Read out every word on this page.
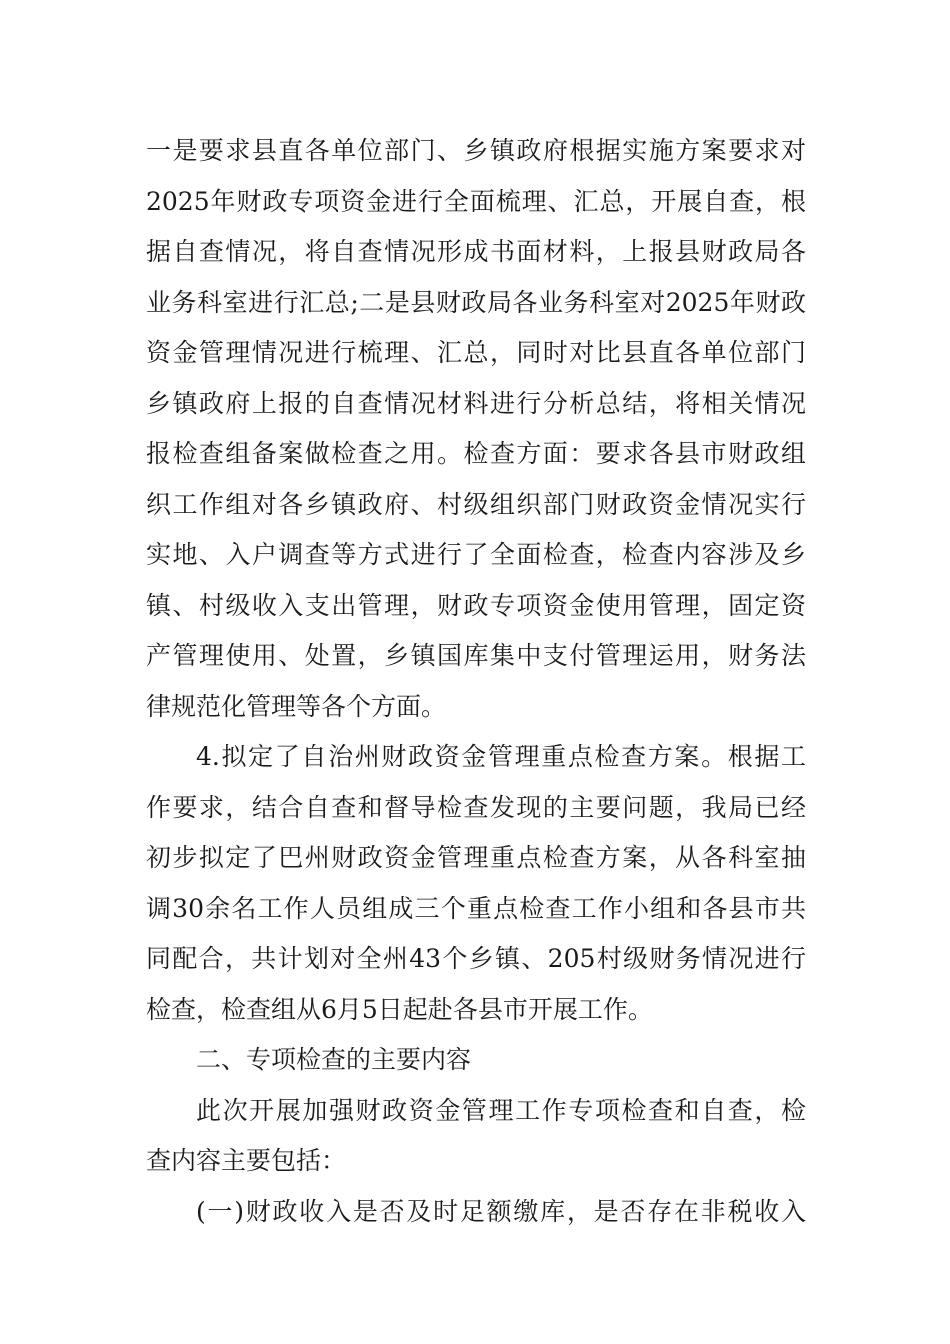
一是要求县直各单位部门、乡镇政府根据实施方案要求对
2025年财政专项资金进行全面梳理、汇总，开展自查，根
据自查情况，将自查情况形成书面材料，上报县财政局各
业务科室进行汇总;二是县财政局各业务科室对2025年财政
资金管理情况进行梳理、汇总，同时对比县直各单位部门
乡镇政府上报的自查情况材料进行分析总结，将相关情况
报检查组备案做检查之用。检查方面：要求各县市财政组
织工作组对各乡镇政府、村级组织部门财政资金情况实行
实地、入户调查等方式进行了全面检查，检查内容涉及乡
镇、村级收入支出管理，财政专项资金使用管理，固定资
产管理使用、处置，乡镇国库集中支付管理运用，财务法
律规范化管理等各个方面。
4.拟定了自治州财政资金管理重点检查方案。根据工
作要求，结合自查和督导检查发现的主要问题，我局已经
初步拟定了巴州财政资金管理重点检查方案，从各科室抽
调30余名工作人员组成三个重点检查工作小组和各县市共
同配合，共计划对全州43个乡镇、205村级财务情况进行
检查，检查组从6月5日起赴各县市开展工作。
二、专项检查的主要内容
此次开展加强财政资金管理工作专项检查和自查，检
查内容主要包括：
(一)财政收入是否及时足额缴库，是否存在非税收入
